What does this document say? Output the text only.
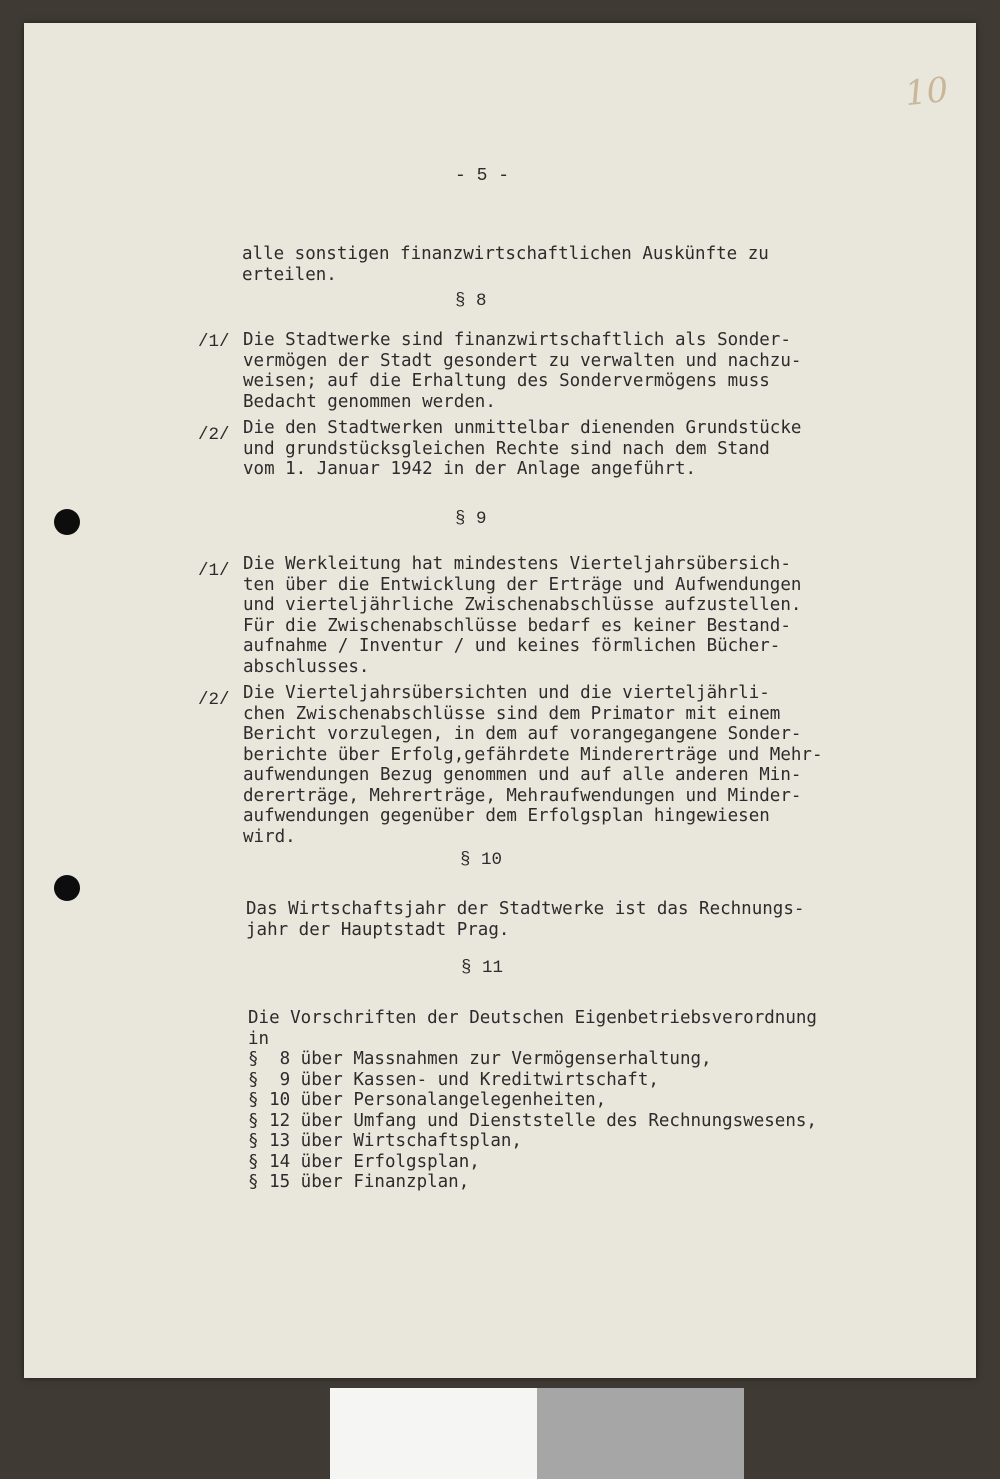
10
- 5 -
alle sonstigen finanzwirtschaftlichen Auskünfte zu
erteilen.
§ 8
/1/ Die Stadtwerke sind finanzwirtschaftlich als Sonder-
vermögen der Stadt gesondert zu verwalten und nachzu-
weisen; auf die Erhaltung des Sondervermögens muss
Bedacht genommen werden.
/2/ Die den Stadtwerken unmittelbar dienenden Grundstücke
und grundstücksgleichen Rechte sind nach dem Stand
vom 1. Januar 1942 in der Anlage angeführt.
§ 9
/1/ Die Werkleitung hat mindestens Vierteljahrsübersich-
ten über die Entwicklung der Erträge und Aufwendungen
und vierteljährliche Zwischenabschlüsse aufzustellen.
Für die Zwischenabschlüsse bedarf es keiner Bestand-
aufnahme / Inventur / und keines förmlichen Bücher-
abschlusses.
/2/ Die Vierteljahrsübersichten und die vierteljährli-
chen Zwischenabschlüsse sind dem Primator mit einem
Bericht vorzulegen, in dem auf vorangegangene Sonder-
berichte über Erfolg,gefährdete Mindererträge und Mehr-
aufwendungen Bezug genommen und auf alle anderen Min-
dererträge, Mehrerträge, Mehraufwendungen und Minder-
aufwendungen gegenüber dem Erfolgsplan hingewiesen
wird.
§ 10
Das Wirtschaftsjahr der Stadtwerke ist das Rechnungs-
jahr der Hauptstadt Prag.
§ 11
Die Vorschriften der Deutschen Eigenbetriebsverordnung
in
§  8 über Massnahmen zur Vermögenserhaltung,
§  9 über Kassen- und Kreditwirtschaft,
§ 10 über Personalangelegenheiten,
§ 12 über Umfang und Dienststelle des Rechnungswesens,
§ 13 über Wirtschaftsplan,
§ 14 über Erfolgsplan,
§ 15 über Finanzplan,
